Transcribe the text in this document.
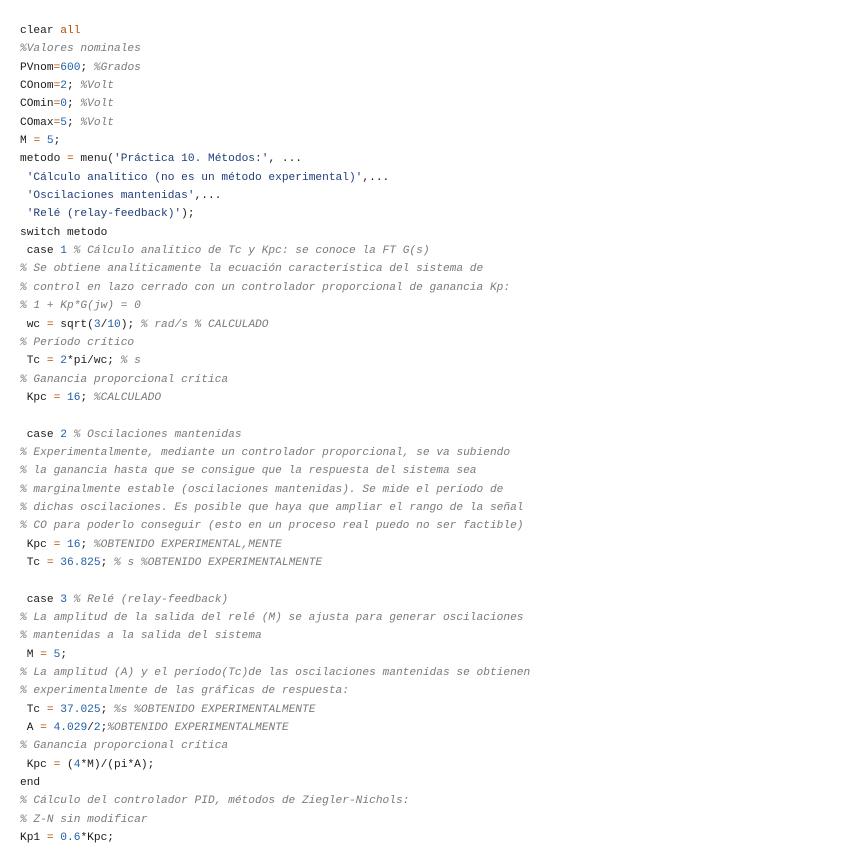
clear all
%Valores nominales
PVnom=600; %Grados
COnom=2; %Volt
COmin=0; %Volt
COmax=5; %Volt
M = 5;
metodo = menu('Práctica 10. Métodos:', ...
'Cálculo analítico (no es un método experimental)',...
'Oscilaciones mantenidas',...
'Relé (relay-feedback)');
switch metodo
case 1 % Cálculo analítico de Tc y Kpc: se conoce la FT G(s)
% Se obtiene analíticamente la ecuación característica del sistema de
% control en lazo cerrado con un controlador proporcional de ganancia Kp:
% 1 + Kp*G(jw) = 0
wc = sqrt(3/10); % rad/s % CALCULADO
% Período crítico
Tc = 2*pi/wc; % s
% Ganancia proporcional crítica
Kpc = 16; %CALCULADO

case 2 % Oscilaciones mantenidas
% Experimentalmente, mediante un controlador proporcional, se va subiendo
% la ganancia hasta que se consigue que la respuesta del sistema sea
% marginalmente estable (oscilaciones mantenidas). Se mide el período de
% dichas oscilaciones. Es posible que haya que ampliar el rango de la señal
% CO para poderlo conseguir (esto en un proceso real puedo no ser factible)
Kpc = 16; %OBTENIDO EXPERIMENTAL,MENTE
Tc = 36.825; % s %OBTENIDO EXPERIMENTALMENTE

case 3 % Relé (relay-feedback)
% La amplitud de la salida del relé (M) se ajusta para generar oscilaciones
% mantenidas a la salida del sistema
M = 5;
% La amplitud (A) y el período(Tc)de las oscilaciones mantenidas se obtienen
% experimentalmente de las gráficas de respuesta:
Tc = 37.025; %s %OBTENIDO EXPERIMENTALMENTE
A = 4.029/2;%OBTENIDO EXPERIMENTALMENTE
% Ganancia proporcional crítica
Kpc = (4*M)/(pi*A);
end
% Cálculo del controlador PID, métodos de Ziegler-Nichols:
% Z-N sin modificar
Kp1 = 0.6*Kpc;
